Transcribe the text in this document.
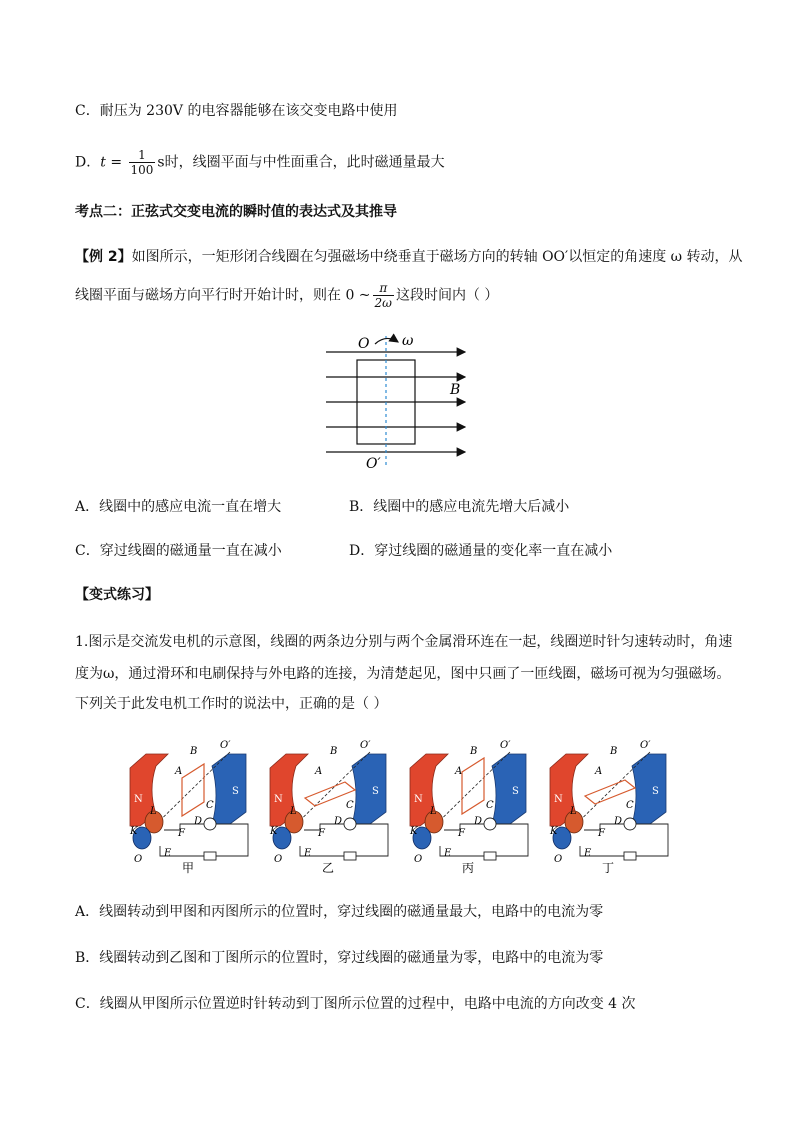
C．耐压为 230V 的电容器能够在该交变电路中使用
D．$t = \frac{1}{100}$ s时，线圈平面与中性面重合，此时磁通量最大
考点二：正弦式交变电流的瞬时值的表达式及其推导
【例 2】如图所示，一矩形闭合线圈在匀强磁场中绕垂直于磁场方向的转轴 OO′以恒定的角速度 ω 转动，从
线圈平面与磁场方向平行时开始计时，则在 0 ~ $\frac{\pi}{2\omega}$ 这段时间内（ ）
O ω
B
O′
A．线圈中的感应电流一直在增大	B．线圈中的感应电流先增大后减小
C．穿过线圈的磁通量一直在减小	D．穿过线圈的磁通量的变化率一直在减小
【变式练习】
1.图示是交流发电机的示意图，线圈的两条边分别与两个金属滑环连在一起，线圈逆时针匀速转动时，角速
度为ω，通过滑环和电刷保持与外电路的连接，为清楚起见，图中只画了一匝线圈，磁场可视为匀强磁场。
下列关于此发电机工作时的说法中，正确的是（ ）
N
S
A
B
C
D
O′
K
L
F
E
O
甲
N
S
A
B
C
D
O′
K
L
F
E
O
乙
N
S
A
B
C
D
O′
K
L
F
E
O
丙
N
S
A
B
C
D
O′
K
L
F
E
O
丁
A．线圈转动到甲图和丙图所示的位置时，穿过线圈的磁通量最大，电路中的电流为零
B．线圈转动到乙图和丁图所示的位置时，穿过线圈的磁通量为零，电路中的电流为零
C．线圈从甲图所示位置逆时针转动到丁图所示位置的过程中，电路中电流的方向改变 4 次
